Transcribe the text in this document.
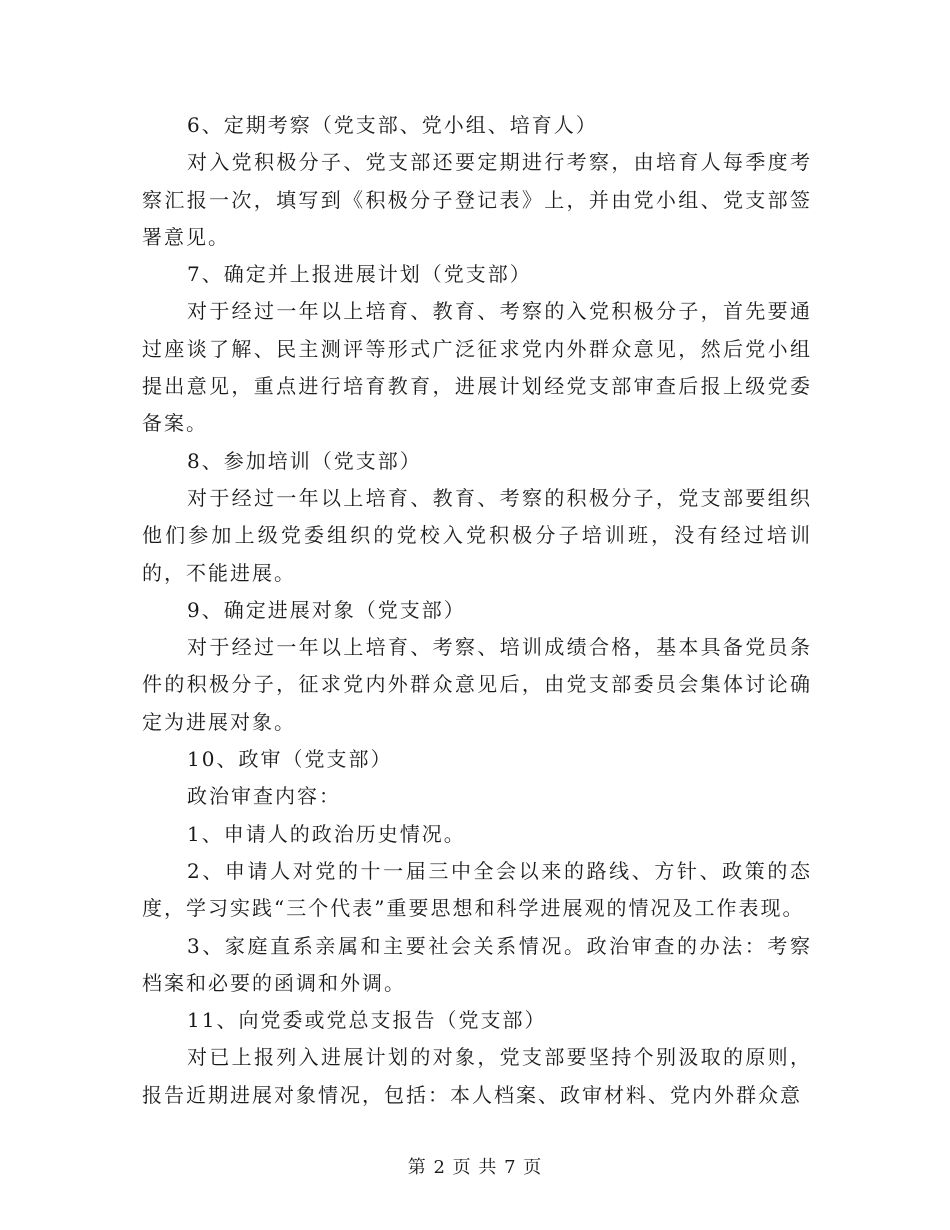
6、定期考察（党支部、党小组、培育人）

对入党积极分子、党支部还要定期进行考察，由培育人每季度考察汇报一次，填写到《积极分子登记表》上，并由党小组、党支部签署意见。

7、确定并上报进展计划（党支部）

对于经过一年以上培育、教育、考察的入党积极分子，首先要通过座谈了解、民主测评等形式广泛征求党内外群众意见，然后党小组提出意见，重点进行培育教育，进展计划经党支部审查后报上级党委备案。

8、参加培训（党支部）

对于经过一年以上培育、教育、考察的积极分子，党支部要组织他们参加上级党委组织的党校入党积极分子培训班，没有经过培训的，不能进展。

9、确定进展对象（党支部）

对于经过一年以上培育、考察、培训成绩合格，基本具备党员条件的积极分子，征求党内外群众意见后，由党支部委员会集体讨论确定为进展对象。

10、政审（党支部）

政治审查内容：

1、申请人的政治历史情况。

2、申请人对党的十一届三中全会以来的路线、方针、政策的态度，学习实践“三个代表”重要思想和科学进展观的情况及工作表现。

3、家庭直系亲属和主要社会关系情况。政治审查的办法：考察档案和必要的函调和外调。

11、向党委或党总支报告（党支部）

对已上报列入进展计划的对象，党支部要坚持个别汲取的原则，报告近期进展对象情况，包括：本人档案、政审材料、党内外群众意

第 2 页 共 7 页
